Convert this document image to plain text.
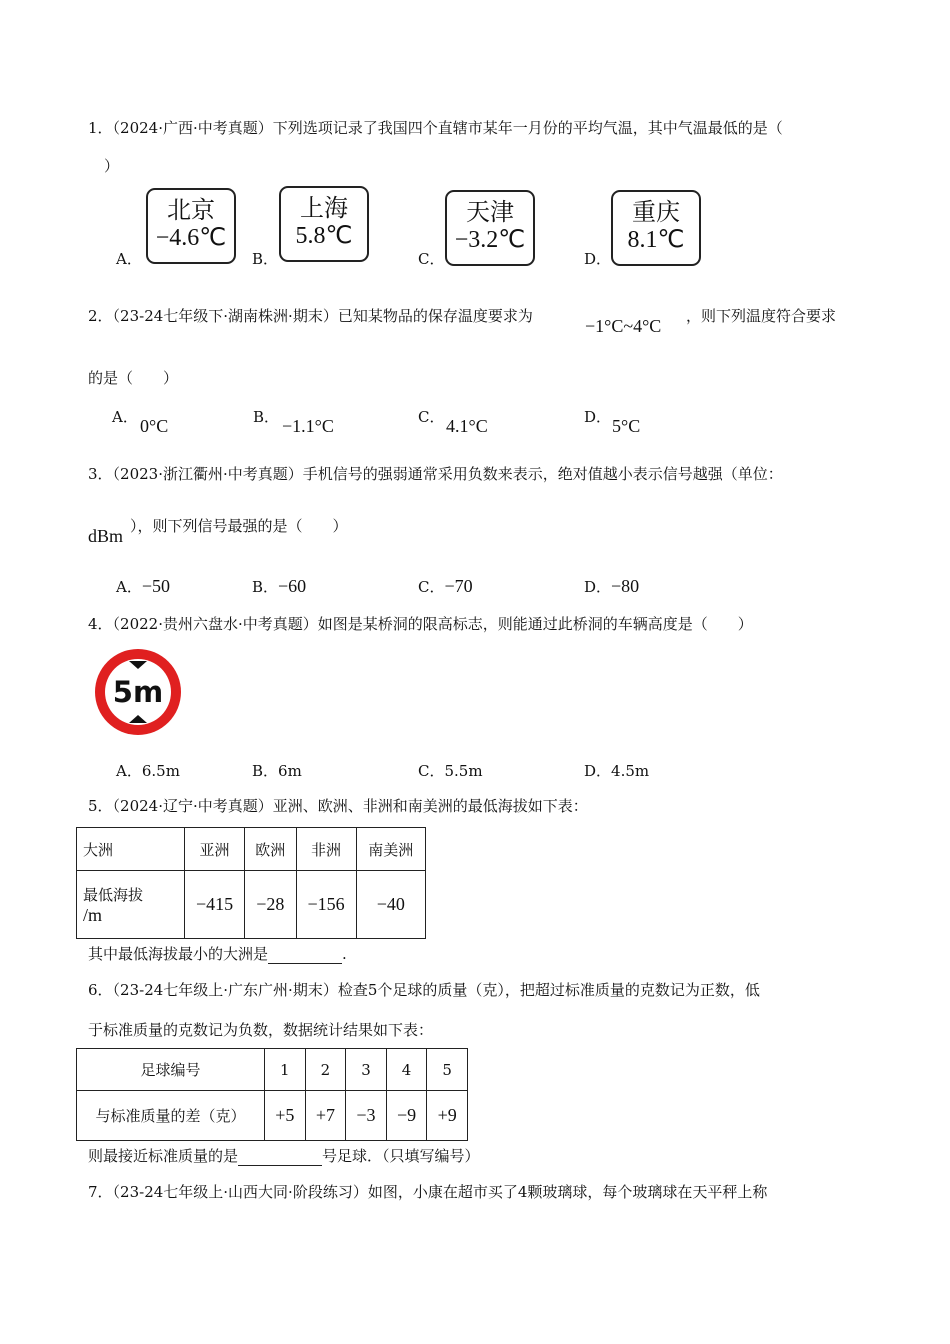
1．（2024·广西·中考真题）下列选项记录了我国四个直辖市某年一月份的平均气温，其中气温最低的是（
）
A．
北京
−4.6℃
B．
上海
5.8℃
C．
天津
−3.2℃
D．
重庆
8.1℃
2．（23-24七年级下·湖南株洲·期末）已知某物品的保存温度要求为	−1°C~4°C ，则下列温度符合要求
的是（　　）
A． 0°C	B． −1.1°C	C． 4.1°C	D． 5°C
3．（2023·浙江衢州·中考真题）手机信号的强弱通常采用负数来表示，绝对值越小表示信号越强（单位：
dBm ），则下列信号最强的是（　　）
A．−50	B．−60	C．−70	D．−80
4．（2022·贵州六盘水·中考真题）如图是某桥洞的限高标志，则能通过此桥洞的车辆高度是（　　）
5m
A．6.5m	B．6m	C．5.5m	D．4.5m
5．（2024·辽宁·中考真题）亚洲、欧洲、非洲和南美洲的最低海拔如下表：
大洲	亚洲	欧洲	非洲	南美洲

最低海拔
/m	−415	−28	−156	−40
其中最低海拔最小的大洲是	.
6．（23-24七年级上·广东广州·期末）检查5个足球的质量（克），把超过标准质量的克数记为正数，低
于标准质量的克数记为负数，数据统计结果如下表：
足球编号	1	2	3	4	5
与标准质量的差（克）	+5	+7	−3	−9	+9
则最接近标准质量的是	号足球．（只填写编号）
7．（23-24七年级上·山西大同·阶段练习）如图，小康在超市买了4颗玻璃球，每个玻璃球在天平秤上称
